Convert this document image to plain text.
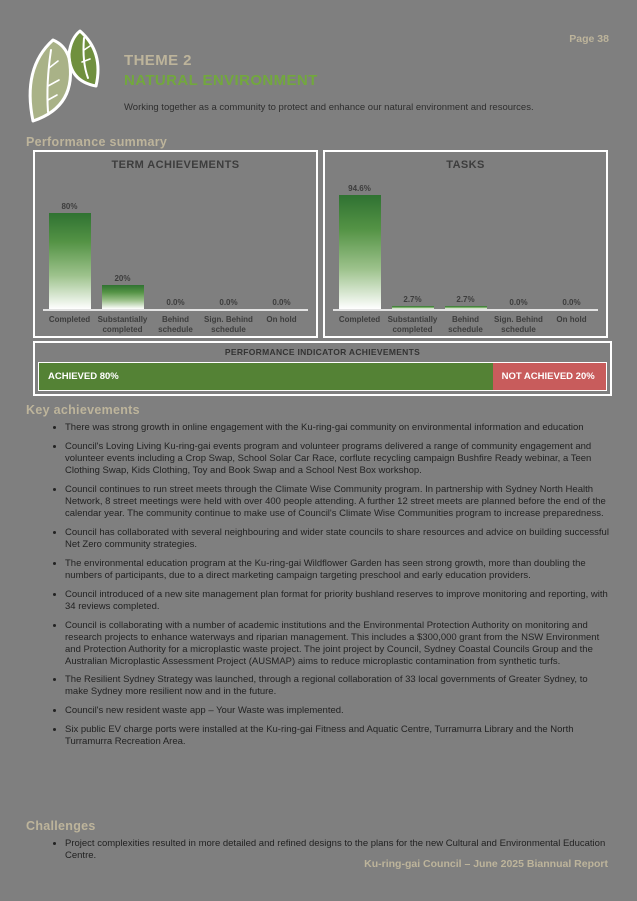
Page 38
THEME 2
NATURAL ENVIRONMENT
Working together as a community to protect and enhance our natural environment and resources.
Performance summary
TERM ACHIEVEMENTS
80%
20%
0.0%	0.0%	0.0%
Completed Substantially completed
Behind schedule
Sign. Behind schedule
On hold
TASKS
94.6%
2.7%	2.7%	0.0%	0.0%
Completed Substantially completed
Behind schedule
Sign. Behind schedule
On hold
PERFORMANCE INDICATOR ACHIEVEMENTS
ACHIEVED 80%	NOT ACHIEVED 20%
Key achievements
• There was strong growth in online engagement with the Ku-ring-gai community on environmental information and education
• Council's Loving Living Ku-ring-gai events program and volunteer programs delivered a range of community engagement and volunteer events including a Crop Swap, School Solar Car Race, corflute recycling campaign Bushfire Ready webinar, a Teen Clothing Swap, Kids Clothing, Toy and Book Swap and a School Nest Box workshop.
• Council continues to run street meets through the Climate Wise Community program. In partnership with Sydney North Health Network, 8 street meetings were held with over 400 people attending. A further 12 street meets are planned before the end of the calendar year. The community continue to make use of Council's Climate Wise Communities program to increase preparedness.
• Council has collaborated with several neighbouring and wider state councils to share resources and advice on building successful Net Zero community strategies.
• The environmental education program at the Ku-ring-gai Wildflower Garden has seen strong growth, more than doubling the numbers of participants, due to a direct marketing campaign targeting preschool and early education providers.
• Council introduced of a new site management plan format for priority bushland reserves to improve monitoring and reporting, with 34 reviews completed.
• Council is collaborating with a number of academic institutions and the Environmental Protection Authority on monitoring and research projects to enhance waterways and riparian management. This includes a $300,000 grant from the NSW Environment and Protection Authority for a microplastic waste project. The joint project by Council, Sydney Coastal Councils Group and the Australian Microplastic Assessment Project (AUSMAP) aims to reduce microplastic contamination from synthetic turfs.
• The Resilient Sydney Strategy was launched, through a regional collaboration of 33 local governments of Greater Sydney, to make Sydney more resilient now and in the future.
• Council's new resident waste app – Your Waste was implemented.
• Six public EV charge ports were installed at the Ku-ring-gai Fitness and Aquatic Centre, Turramurra Library and the North Turramurra Recreation Area.
Challenges
• Project complexities resulted in more detailed and refined designs to the plans for the new Cultural and Environmental Education Centre.
Ku-ring-gai Council – June 2025 Biannual Report
